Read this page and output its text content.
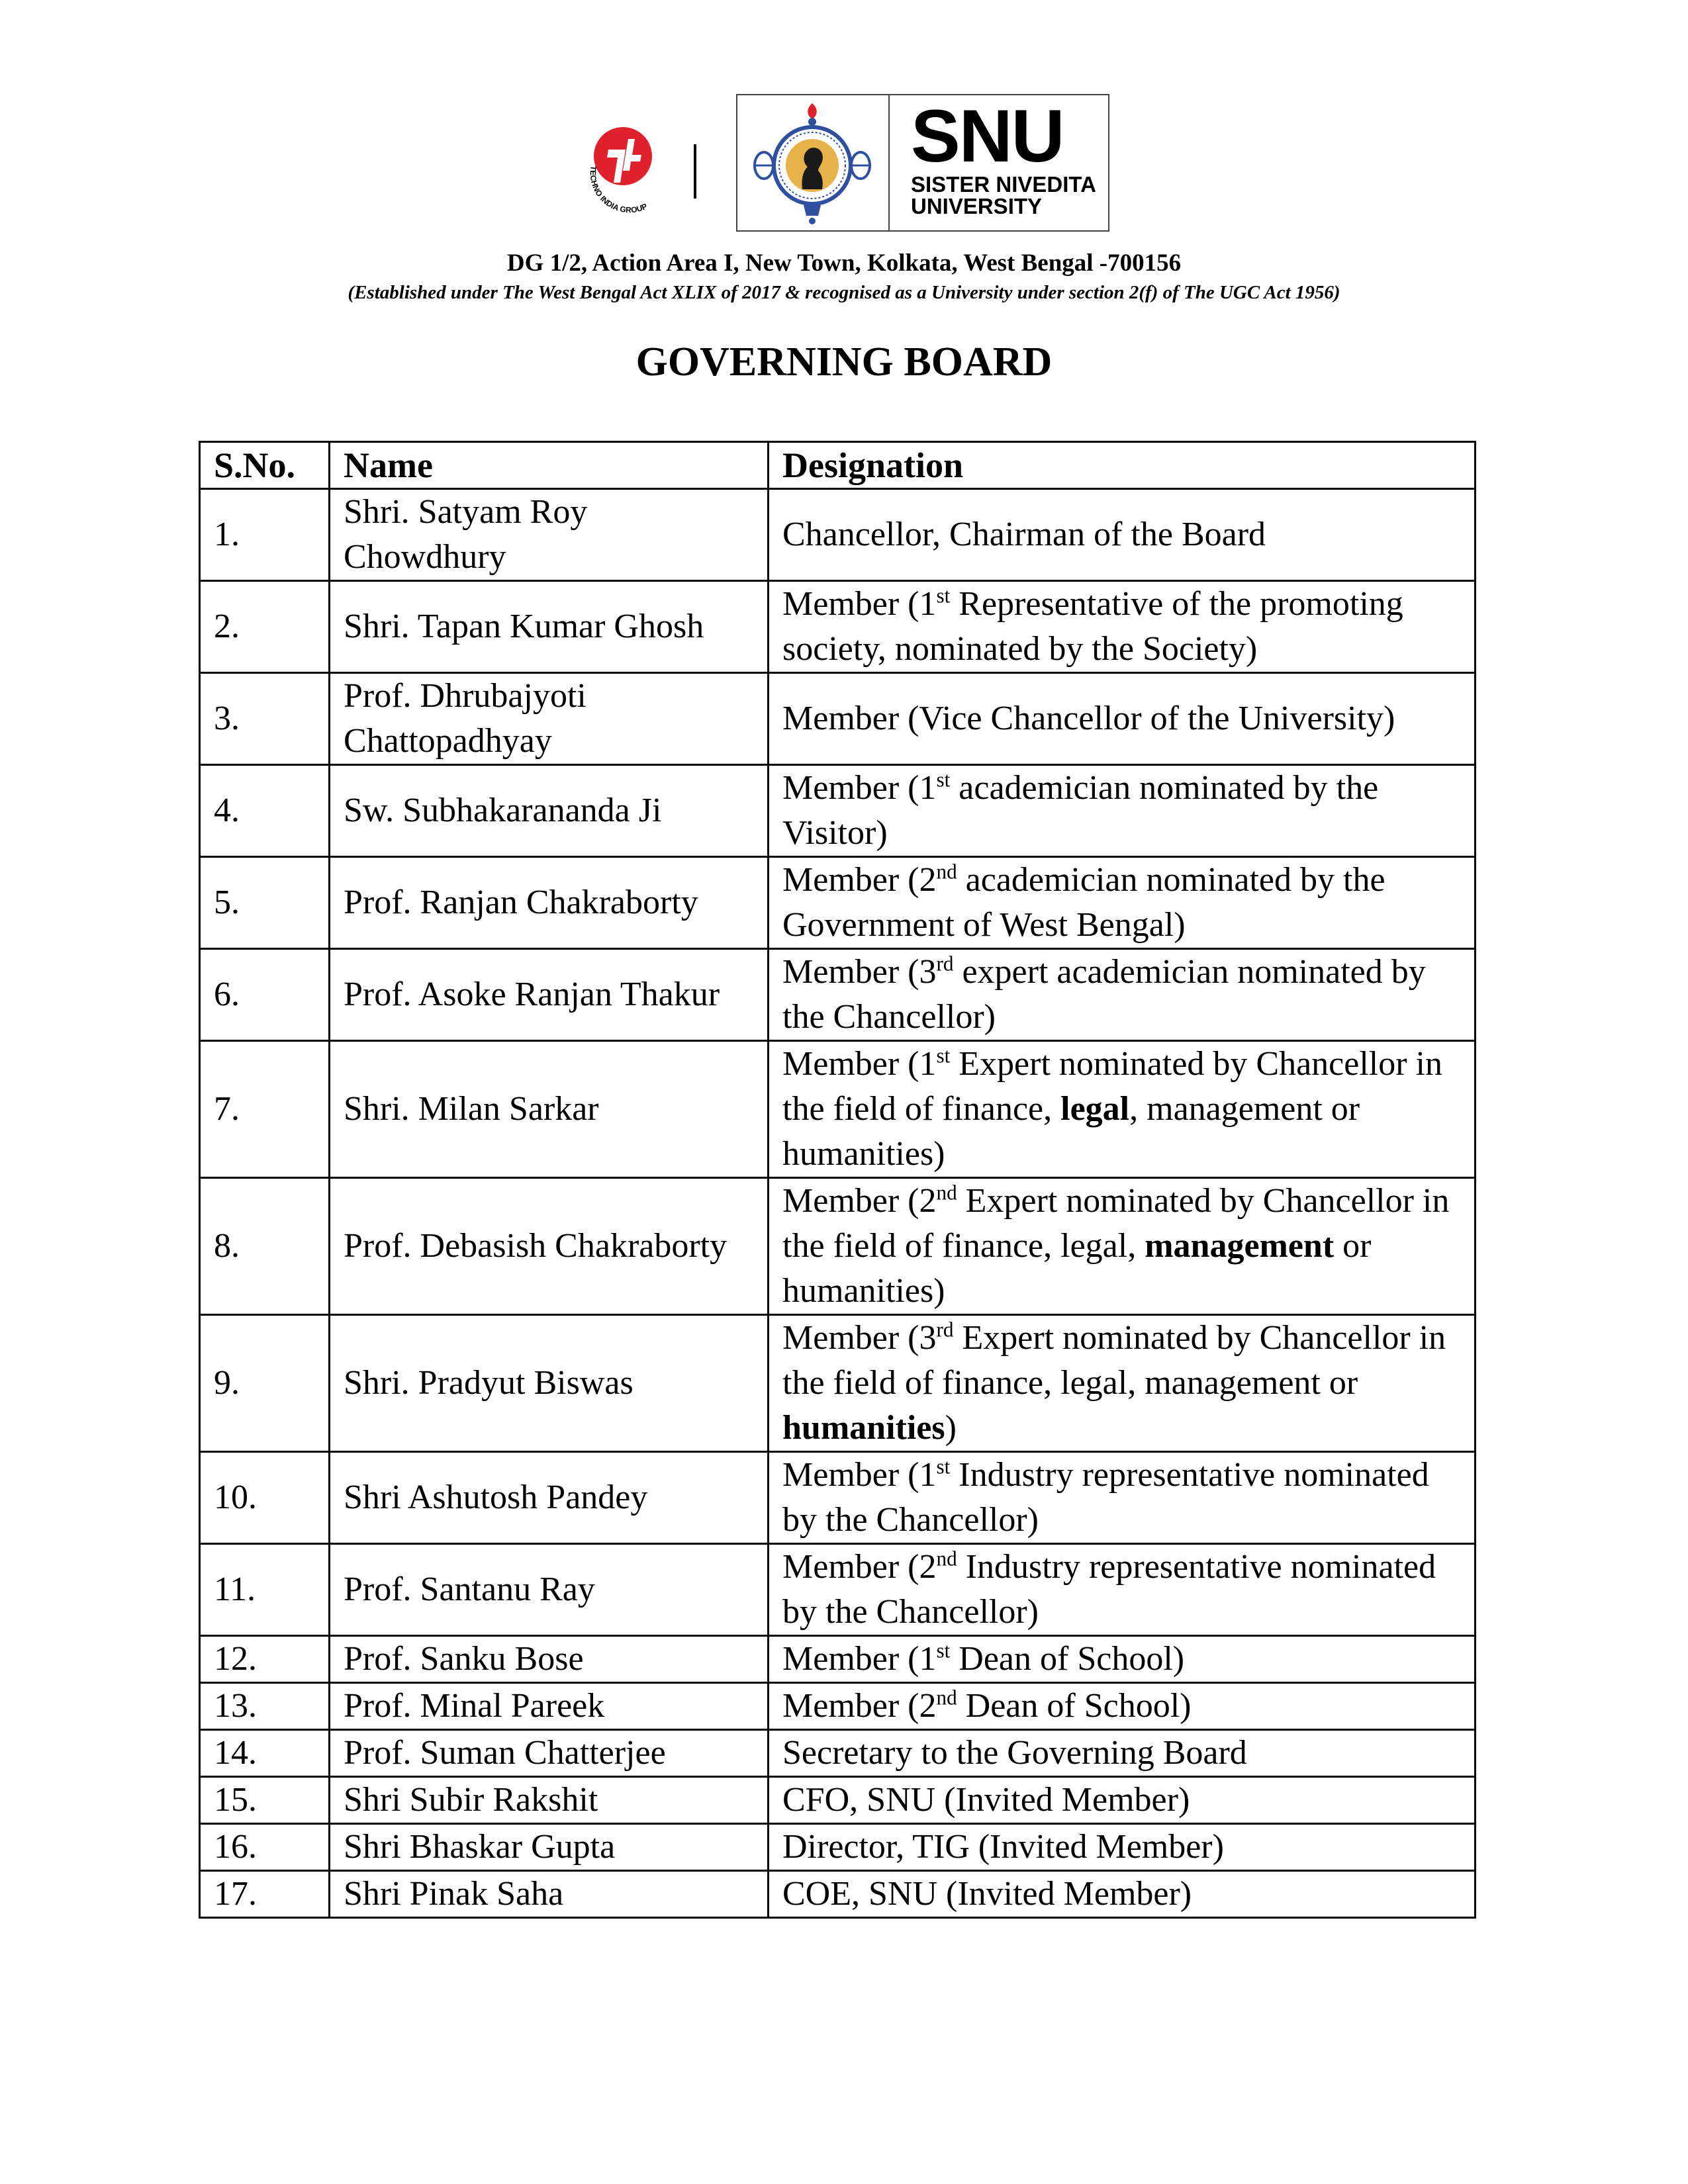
TECHNO INDIA GROUP
SNU
SISTER NIVEDITA
UNIVERSITY
DG 1/2, Action Area I, New Town, Kolkata, West Bengal -700156
(Established under The West Bengal Act XLIX of 2017 & recognised as a University under section 2(f) of The UGC Act 1956)
GOVERNING BOARD
S.No.	Name	Designation
1.	Shri. Satyam Roy Chowdhury	Chancellor, Chairman of the Board
2.	Shri. Tapan Kumar Ghosh	Member (1st Representative of the promoting society, nominated by the Society)
3.	Prof. Dhrubajyoti Chattopadhyay	Member (Vice Chancellor of the University)
4.	Sw. Subhakarananda Ji	Member (1st academician nominated by the Visitor)
5.	Prof. Ranjan Chakraborty	Member (2nd academician nominated by the Government of West Bengal)
6.	Prof. Asoke Ranjan Thakur	Member (3rd expert academician nominated by the Chancellor)
7.	Shri. Milan Sarkar	Member (1st Expert nominated by Chancellor in the field of finance, legal, management or humanities)
8.	Prof. Debasish Chakraborty	Member (2nd Expert nominated by Chancellor in the field of finance, legal, management or humanities)
9.	Shri. Pradyut Biswas	Member (3rd Expert nominated by Chancellor in the field of finance, legal, management or humanities)
10.	Shri Ashutosh Pandey	Member (1st Industry representative nominated by the Chancellor)
11.	Prof. Santanu Ray	Member (2nd Industry representative nominated by the Chancellor)
12.	Prof. Sanku Bose	Member (1st Dean of School)
13.	Prof. Minal Pareek	Member (2nd Dean of School)
14.	Prof. Suman Chatterjee	Secretary to the Governing Board
15.	Shri Subir Rakshit	CFO, SNU (Invited Member)
16.	Shri Bhaskar Gupta	Director, TIG (Invited Member)
17.	Shri Pinak Saha	COE, SNU (Invited Member)
